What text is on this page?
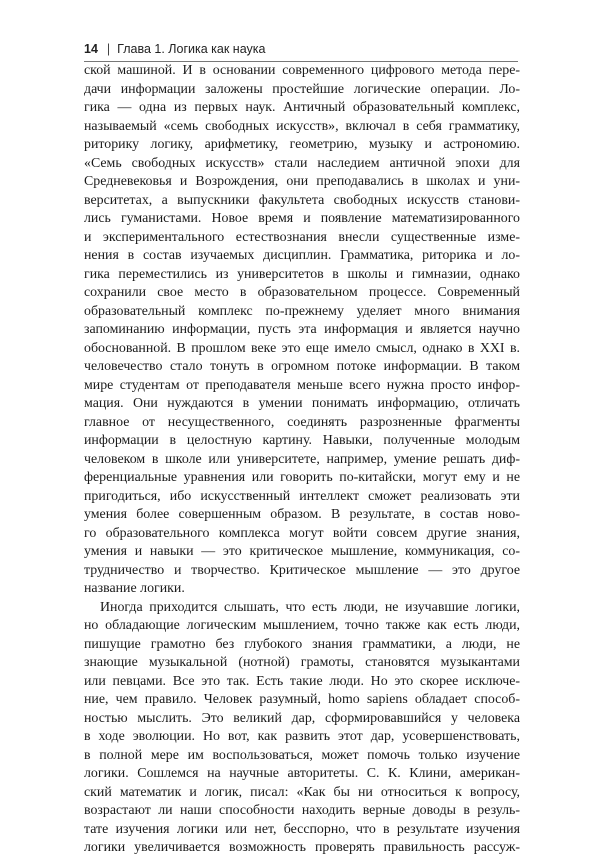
14 | Глава 1. Логика как наука
ской машиной. И в основании современного цифрового метода пере-
дачи информации заложены простейшие логические операции. Ло-
гика — одна из первых наук. Античный образовательный комплекс,
называемый «семь свободных искусств», включал в себя грамматику,
риторику логику, арифметику, геометрию, музыку и астрономию.
«Семь свободных искусств» стали наследием античной эпохи для
Средневековья и Возрождения, они преподавались в школах и уни-
верситетах, а выпускники факультета свободных искусств станови-
лись гуманистами. Новое время и появление математизированного
и экспериментального естествознания внесли существенные изме-
нения в состав изучаемых дисциплин. Грамматика, риторика и ло-
гика переместились из университетов в школы и гимназии, однако
сохранили свое место в образовательном процессе. Современный
образовательный комплекс по-прежнему уделяет много внимания
запоминанию информации, пусть эта информация и является научно
обоснованной. В прошлом веке это еще имело смысл, однако в XXI в.
человечество стало тонуть в огромном потоке информации. В таком
мире студентам от преподавателя меньше всего нужна просто инфор-
мация. Они нуждаются в умении понимать информацию, отличать
главное от несущественного, соединять разрозненные фрагменты
информации в целостную картину. Навыки, полученные молодым
человеком в школе или университете, например, умение решать диф-
ференциальные уравнения или говорить по-китайски, могут ему и не
пригодиться, ибо искусственный интеллект сможет реализовать эти
умения более совершенным образом. В результате, в состав ново-
го образовательного комплекса могут войти совсем другие знания,
умения и навыки — это критическое мышление, коммуникация, со-
трудничество и творчество. Критическое мышление — это другое
название логики.
Иногда приходится слышать, что есть люди, не изучавшие логики,
но обладающие логическим мышлением, точно также как есть люди,
пишущие грамотно без глубокого знания грамматики, а люди, не
знающие музыкальной (нотной) грамоты, становятся музыкантами
или певцами. Все это так. Есть такие люди. Но это скорее исключе-
ние, чем правило. Человек разумный, homo sapiens обладает способ-
ностью мыслить. Это великий дар, сформировавшийся у человека
в ходе эволюции. Но вот, как развить этот дар, усовершенствовать,
в полной мере им воспользоваться, может помочь только изучение
логики. Сошлемся на научные авторитеты. С. К. Клини, американ-
ский математик и логик, писал: «Как бы ни относиться к вопросу,
возрастают ли наши способности находить верные доводы в резуль-
тате изучения логики или нет, бесспорно, что в результате изучения
логики увеличивается возможность проверять правильность рассуж-
